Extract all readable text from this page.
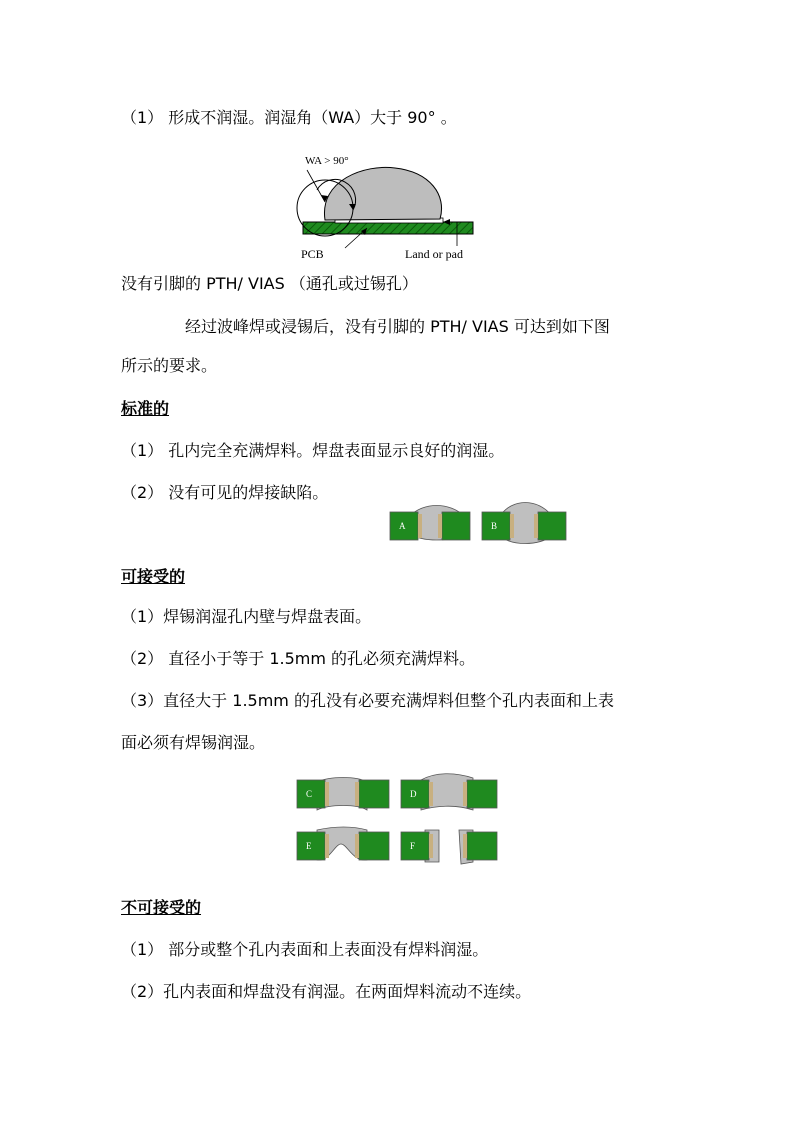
（1） 形成不润湿。润湿角（WA）大于 90° 。
WA > 90°
PCB	Land or pad
没有引脚的 PTH/ VIAS （通孔或过锡孔）
经过波峰焊或浸锡后，没有引脚的 PTH/ VIAS 可达到如下图
所示的要求。
标准的
（1） 孔内完全充满焊料。焊盘表面显示良好的润湿。
（2） 没有可见的焊接缺陷。
A	B
可接受的
（1）焊锡润湿孔内壁与焊盘表面。
（2） 直径小于等于 1.5mm 的孔必须充满焊料。
（3）直径大于 1.5mm 的孔没有必要充满焊料但整个孔内表面和上表
面必须有焊锡润湿。
C	D
E	F
不可接受的
（1） 部分或整个孔内表面和上表面没有焊料润湿。
（2）孔内表面和焊盘没有润湿。在两面焊料流动不连续。
